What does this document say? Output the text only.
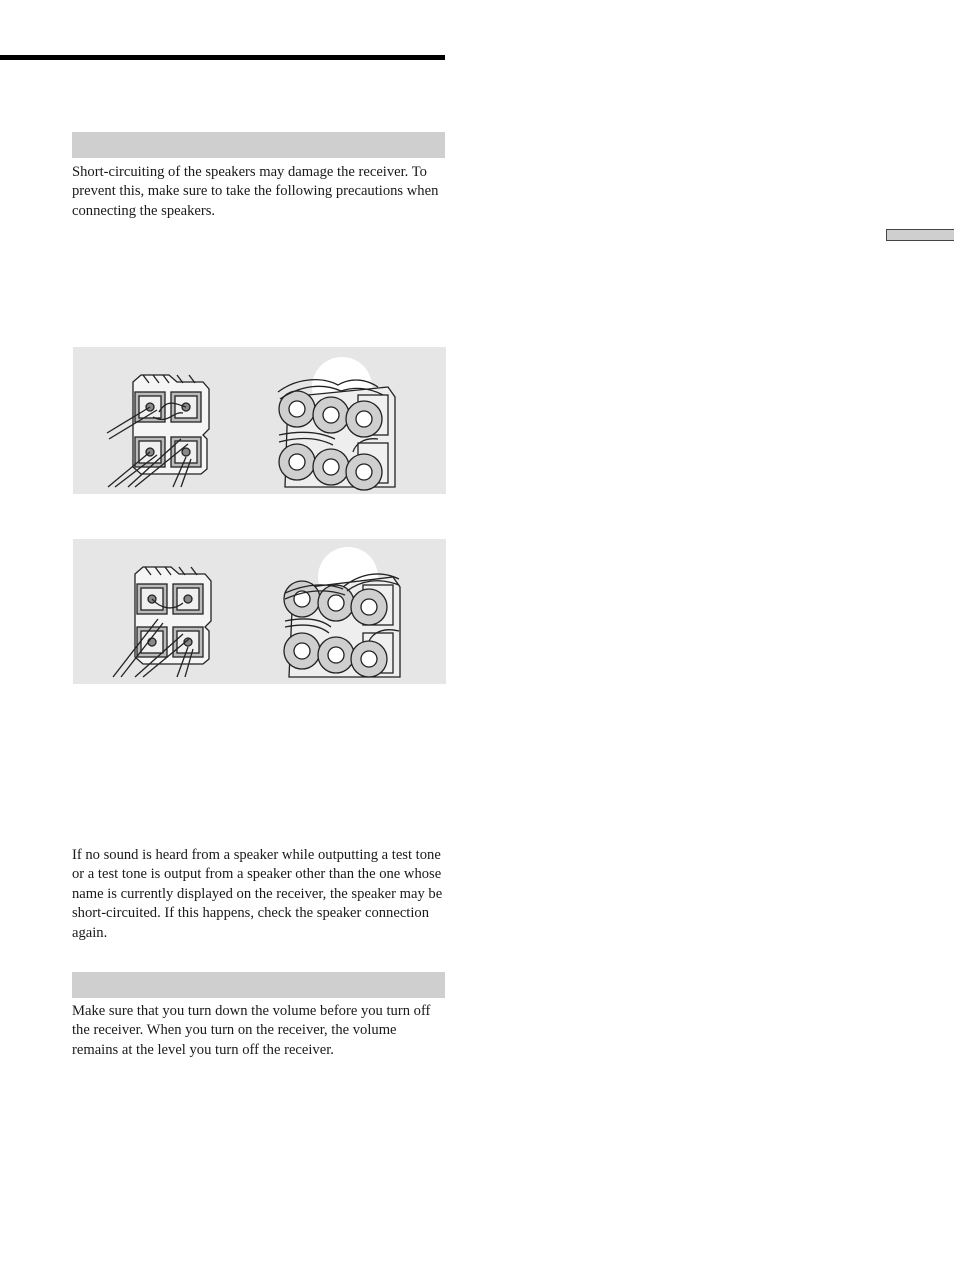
Short-circuiting of the speakers may damage the receiver. To prevent this, make sure to take the following precautions when connecting the speakers.

If no sound is heard from a speaker while outputting a test tone or a test tone is output from a speaker other than the one whose name is currently displayed on the receiver, the speaker may be short-circuited. If this happens, check the speaker connection again.

Make sure that you turn down the volume before you turn off the receiver. When you turn on the receiver, the volume remains at the level you turn off the receiver.
